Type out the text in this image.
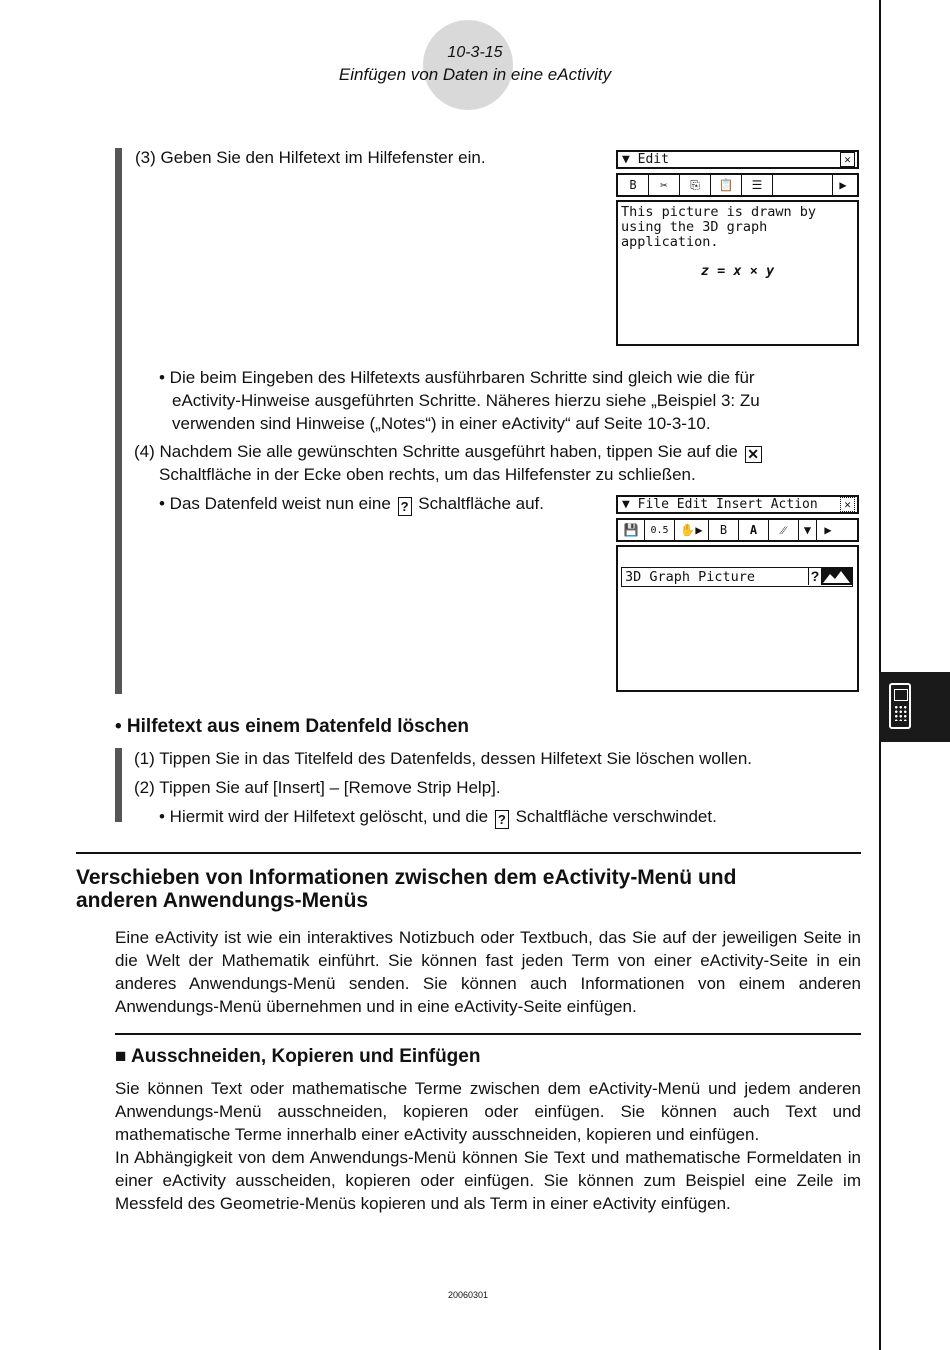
10-3-15
Einfügen von Daten in eine eActivity
(3) Geben Sie den Hilfetext im Hilfefenster ein.	▼ Edit	✕
B	✂	⎘	📋	☰	▶
This picture is drawn by
using the 3D graph
application.
z = x × y
• Die beim Eingeben des Hilfetexts ausführbaren Schritte sind gleich wie die für
eActivity-Hinweise ausgeführten Schritte. Näheres hierzu siehe „Beispiel 3: Zu
verwenden sind Hinweise („Notes“) in einer eActivity“ auf Seite 10-3-10.
(4) Nachdem Sie alle gewünschten Schritte ausgeführt haben, tippen Sie auf die ✕
Schaltfläche in der Ecke oben rechts, um das Hilfefenster zu schließen.
• Das Datenfeld weist nun eine ? Schaltfläche auf.	▼ File Edit Insert Action	✕
💾	0.5 ✋▶	B	A	⁄⁄	▼	▶
3D Graph Picture	?
• Hilfetext aus einem Datenfeld löschen
(1) Tippen Sie in das Titelfeld des Datenfelds, dessen Hilfetext Sie löschen wollen.
(2) Tippen Sie auf [Insert] – [Remove Strip Help].
• Hiermit wird der Hilfetext gelöscht, und die ? Schaltfläche verschwindet.
Verschieben von Informationen zwischen dem eActivity-Menü und
anderen Anwendungs-Menüs
Eine eActivity ist wie ein interaktives Notizbuch oder Textbuch, das Sie auf der jeweiligen Seite in die Welt der Mathematik einführt. Sie können fast jeden Term von einer eActivity-Seite in ein anderes Anwendungs-Menü senden. Sie können auch Informationen von einem anderen Anwendungs-Menü übernehmen und in eine eActivity-Seite einfügen.
■ Ausschneiden, Kopieren und Einfügen
Sie können Text oder mathematische Terme zwischen dem eActivity-Menü und jedem anderen Anwendungs-Menü ausschneiden, kopieren oder einfügen. Sie können auch Text und mathematische Terme innerhalb einer eActivity ausschneiden, kopieren und einfügen.
In Abhängigkeit von dem Anwendungs-Menü können Sie Text und mathematische Formeldaten in einer eActivity ausscheiden, kopieren oder einfügen. Sie können zum Beispiel eine Zeile im Messfeld des Geometrie-Menüs kopieren und als Term in einer eActivity einfügen.
20060301
